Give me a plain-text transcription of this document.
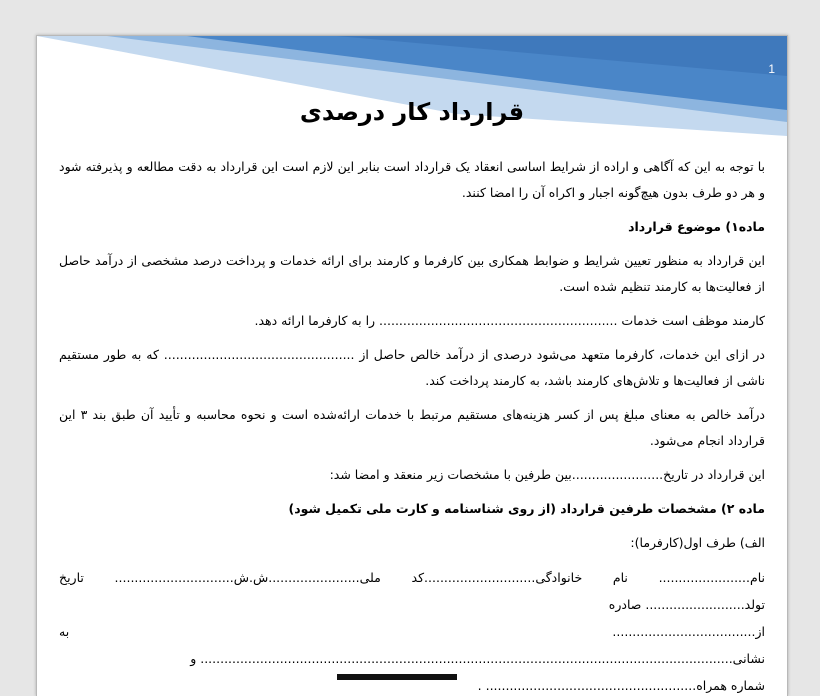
1
قرارداد کار درصدی

با توجه به این که آگاهی و اراده از شرایط اساسی انعقاد یک قرارداد است بنابر این لازم است این قرارداد به دقت مطالعه و پذیرفته شود و هر دو طرف بدون هیچ‌گونه اجبار و اکراه آن را امضا کنند.

ماده۱) موضوع قرارداد

این قرارداد به منظور تعیین شرایط و ضوابط همکاری بین کارفرما و کارمند برای ارائه خدمات و پرداخت درصد مشخصی از درآمد حاصل از فعالیت‌ها به کارمند تنظیم شده است.

کارمند موظف است خدمات ............................................................ را به کارفرما ارائه دهد.

در ازای این خدمات، کارفرما متعهد می‌شود درصدی از درآمد خالص حاصل از ................................................ که به طور مستقیم ناشی از فعالیت‌ها و تلاش‌های کارمند باشد، به کارمند پرداخت کند.

درآمد خالص به معنای مبلغ پس از کسر هزینه‌های مستقیم مرتبط با خدمات ارائه‌شده است و نحوه محاسبه و تأیید آن طبق بند ۳ این قرارداد انجام می‌شود.

این قرارداد در تاریخ.......................بین طرفین با مشخصات زیر منعقد و امضا شد:

ماده ۲) مشخصات طرفین قرارداد (از روی شناسنامه و کارت ملی تکمیل شود)

الف) طرف اول(کارفرما):

نام....................... نام خانوادگی............................کد ملی.......................ش.ش.............................. تاریخ تولد......................... صادره

از.................................... به نشانی...................................................................................................................................... و

شماره همراه..................................................... .
